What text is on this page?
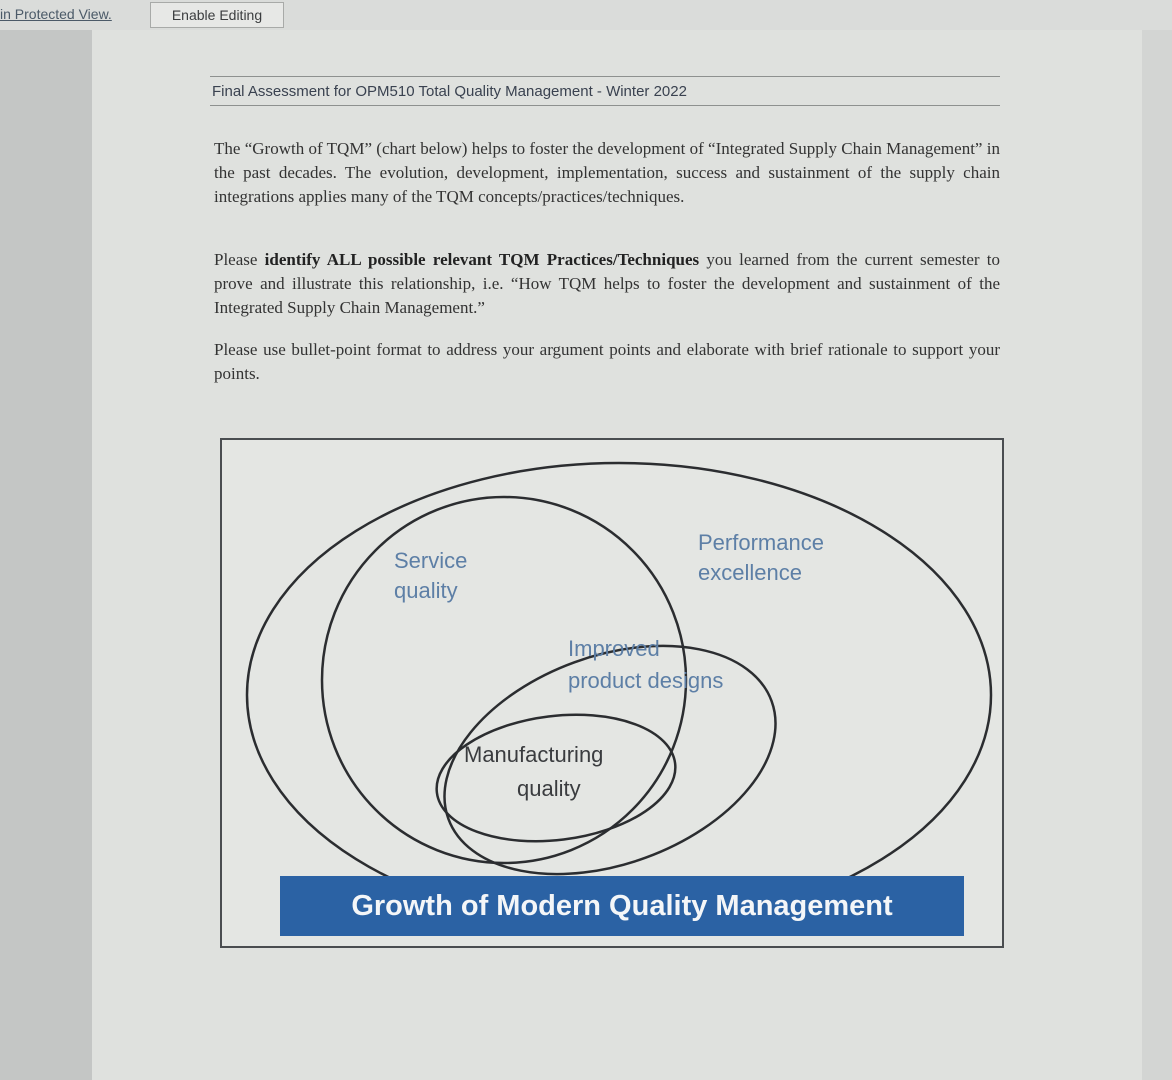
in Protected View.	Enable Editing
Final Assessment for OPM510 Total Quality Management - Winter 2022

The “Growth of TQM” (chart below) helps to foster the development of “Integrated Supply Chain Management” in the past decades. The evolution, development, implementation, success and sustainment of the supply chain integrations applies many of the TQM concepts/practices/techniques.

Please identify ALL possible relevant TQM Practices/Techniques you learned from the current semester to prove and illustrate this relationship, i.e. “How TQM helps to foster the development and sustainment of the Integrated Supply Chain Management.”

Please use bullet-point format to address your argument points and elaborate with brief rationale to support your points.

Service
quality
Performance
excellence
Improved
product designs
Manufacturing
quality
Growth of Modern Quality Management
